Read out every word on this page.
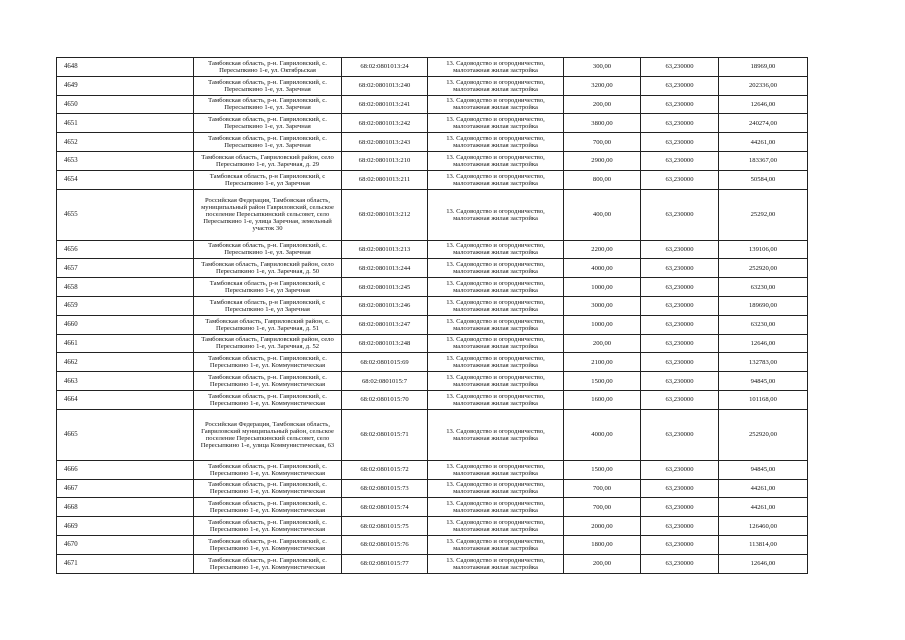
4648	Тамбовская область, р-н. Гавриловский, с. Пересыпкино 1-е, ул. Октябрьская	68:02:0801013:24	13. Садоводство и огородничество, малоэтажная жилая застройка	300,00	63,230000	18969,00
4649	Тамбовская область, р-н. Гавриловский, с. Пересыпкино 1-е, ул. Заречная	68:02:0801013:240	13. Садоводство и огородничество, малоэтажная жилая застройка	3200,00	63,230000	202336,00
4650	Тамбовская область, р-н. Гавриловский, с. Пересыпкино 1-е, ул. Заречная	68:02:0801013:241	13. Садоводство и огородничество, малоэтажная жилая застройка	200,00	63,230000	12646,00
4651	Тамбовская область, р-н. Гавриловский, с. Пересыпкино 1-е, ул. Заречная	68:02:0801013:242	13. Садоводство и огородничество, малоэтажная жилая застройка	3800,00	63,230000	240274,00
4652	Тамбовская область, р-н. Гавриловский, с. Пересыпкино 1-е, ул. Заречная	68:02:0801013:243	13. Садоводство и огородничество, малоэтажная жилая застройка	700,00	63,230000	44261,00
4653	Тамбовская область, Гавриловский район, село Пересыпкино 1-е, ул. Заречная, д. 29	68:02:0801013:210	13. Садоводство и огородничество, малоэтажная жилая застройка	2900,00	63,230000	183367,00
4654	Тамбовская область, р-н Гавриловский, с Пересыпкино 1-е, ул Заречная	68:02:0801013:211	13. Садоводство и огородничество, малоэтажная жилая застройка	800,00	63,230000	50584,00
4655	Российская Федерация, Тамбовская область, муниципальный район Гавриловский, сельское поселение Пересыпкинский сельсовет, село Пересыпкино 1-е, улица Заречная, земельный участок 30	68:02:0801013:212	13. Садоводство и огородничество, малоэтажная жилая застройка	400,00	63,230000	25292,00
4656	Тамбовская область, р-н. Гавриловский, с. Пересыпкино 1-е, ул. Заречная	68:02:0801013:213	13. Садоводство и огородничество, малоэтажная жилая застройка	2200,00	63,230000	139106,00
4657	Тамбовская область, Гавриловский район, село Пересыпкино 1-е, ул. Заречная, д. 50	68:02:0801013:244	13. Садоводство и огородничество, малоэтажная жилая застройка	4000,00	63,230000	252920,00
4658	Тамбовская область, р-н Гавриловский, с Пересыпкино 1-е, ул Заречная	68:02:0801013:245	13. Садоводство и огородничество, малоэтажная жилая застройка	1000,00	63,230000	63230,00
4659	Тамбовская область, р-н Гавриловский, с Пересыпкино 1-е, ул Заречная	68:02:0801013:246	13. Садоводство и огородничество, малоэтажная жилая застройка	3000,00	63,230000	189690,00
4660	Тамбовская область, Гавриловский район, с. Пересыпкино 1-е, ул. Заречная, д. 51	68:02:0801013:247	13. Садоводство и огородничество, малоэтажная жилая застройка	1000,00	63,230000	63230,00
4661	Тамбовская область, Гавриловский район, село Пересыпкино 1-е, ул. Заречная, д. 52	68:02:0801013:248	13. Садоводство и огородничество, малоэтажная жилая застройка	200,00	63,230000	12646,00
4662	Тамбовская область, р-н. Гавриловский, с. Пересыпкино 1-е, ул. Коммунистическая	68:02:0801015:69	13. Садоводство и огородничество, малоэтажная жилая застройка	2100,00	63,230000	132783,00
4663	Тамбовская область, р-н. Гавриловский, с. Пересыпкино 1-е, ул. Коммунистическая	68:02:0801015:7	13. Садоводство и огородничество, малоэтажная жилая застройка	1500,00	63,230000	94845,00
4664	Тамбовская область, р-н. Гавриловский, с. Пересыпкино 1-е, ул. Коммунистическая	68:02:0801015:70	13. Садоводство и огородничество, малоэтажная жилая застройка	1600,00	63,230000	101168,00
4665	Российская Федерация, Тамбовская область, Гавриловский муниципальный район, сельское поселение Пересыпкинский сельсовет, село Пересыпкино 1-е, улица Коммунистическая, 63	68:02:0801015:71	13. Садоводство и огородничество, малоэтажная жилая застройка	4000,00	63,230000	252920,00
4666	Тамбовская область, р-н. Гавриловский, с. Пересыпкино 1-е, ул. Коммунистическая	68:02:0801015:72	13. Садоводство и огородничество, малоэтажная жилая застройка	1500,00	63,230000	94845,00
4667	Тамбовская область, р-н. Гавриловский, с. Пересыпкино 1-е, ул. Коммунистическая	68:02:0801015:73	13. Садоводство и огородничество, малоэтажная жилая застройка	700,00	63,230000	44261,00
4668	Тамбовская область, р-н. Гавриловский, с. Пересыпкино 1-е, ул. Коммунистическая	68:02:0801015:74	13. Садоводство и огородничество, малоэтажная жилая застройка	700,00	63,230000	44261,00
4669	Тамбовская область, р-н. Гавриловский, с. Пересыпкино 1-е, ул. Коммунистическая	68:02:0801015:75	13. Садоводство и огородничество, малоэтажная жилая застройка	2000,00	63,230000	126460,00
4670	Тамбовская область, р-н. Гавриловский, с. Пересыпкино 1-е, ул. Коммунистическая	68:02:0801015:76	13. Садоводство и огородничество, малоэтажная жилая застройка	1800,00	63,230000	113814,00
4671	Тамбовская область, р-н. Гавриловский, с. Пересыпкино 1-е, ул. Коммунистическая	68:02:0801015:77	13. Садоводство и огородничество, малоэтажная жилая застройка	200,00	63,230000	12646,00
